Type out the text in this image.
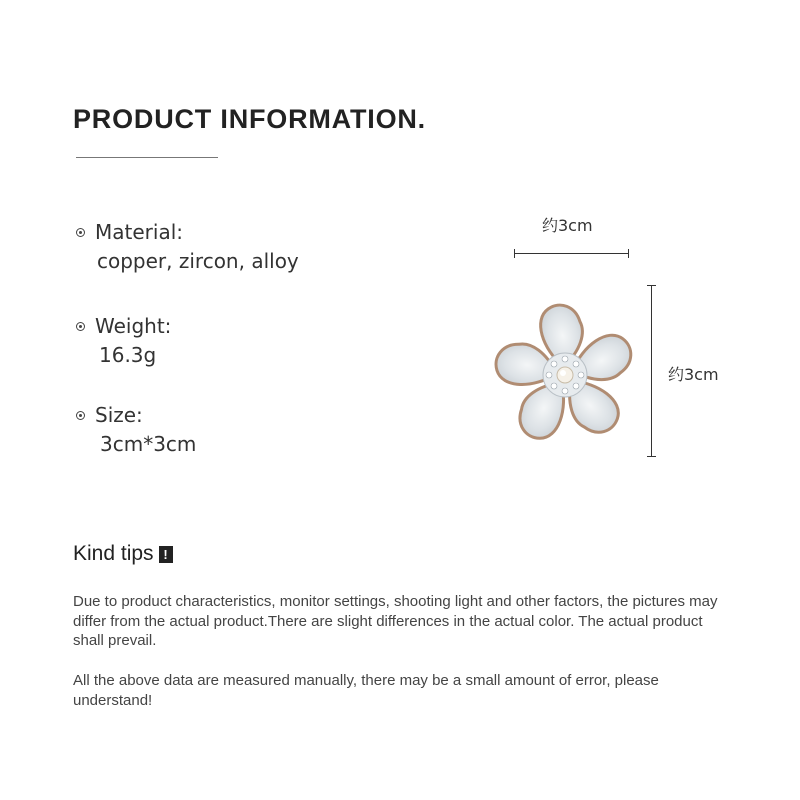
PRODUCT INFORMATION.
Material:
copper, zircon, alloy
Weight:
16.3g
Size:
3cm*3cm
约3cm
约3cm
Kind tips !
Due to product characteristics, monitor settings, shooting light and other factors, the pictures may differ from the actual product.There are slight differences in the actual color. The actual product shall prevail.
All the above data are measured manually, there may be a small amount of error, please understand!
